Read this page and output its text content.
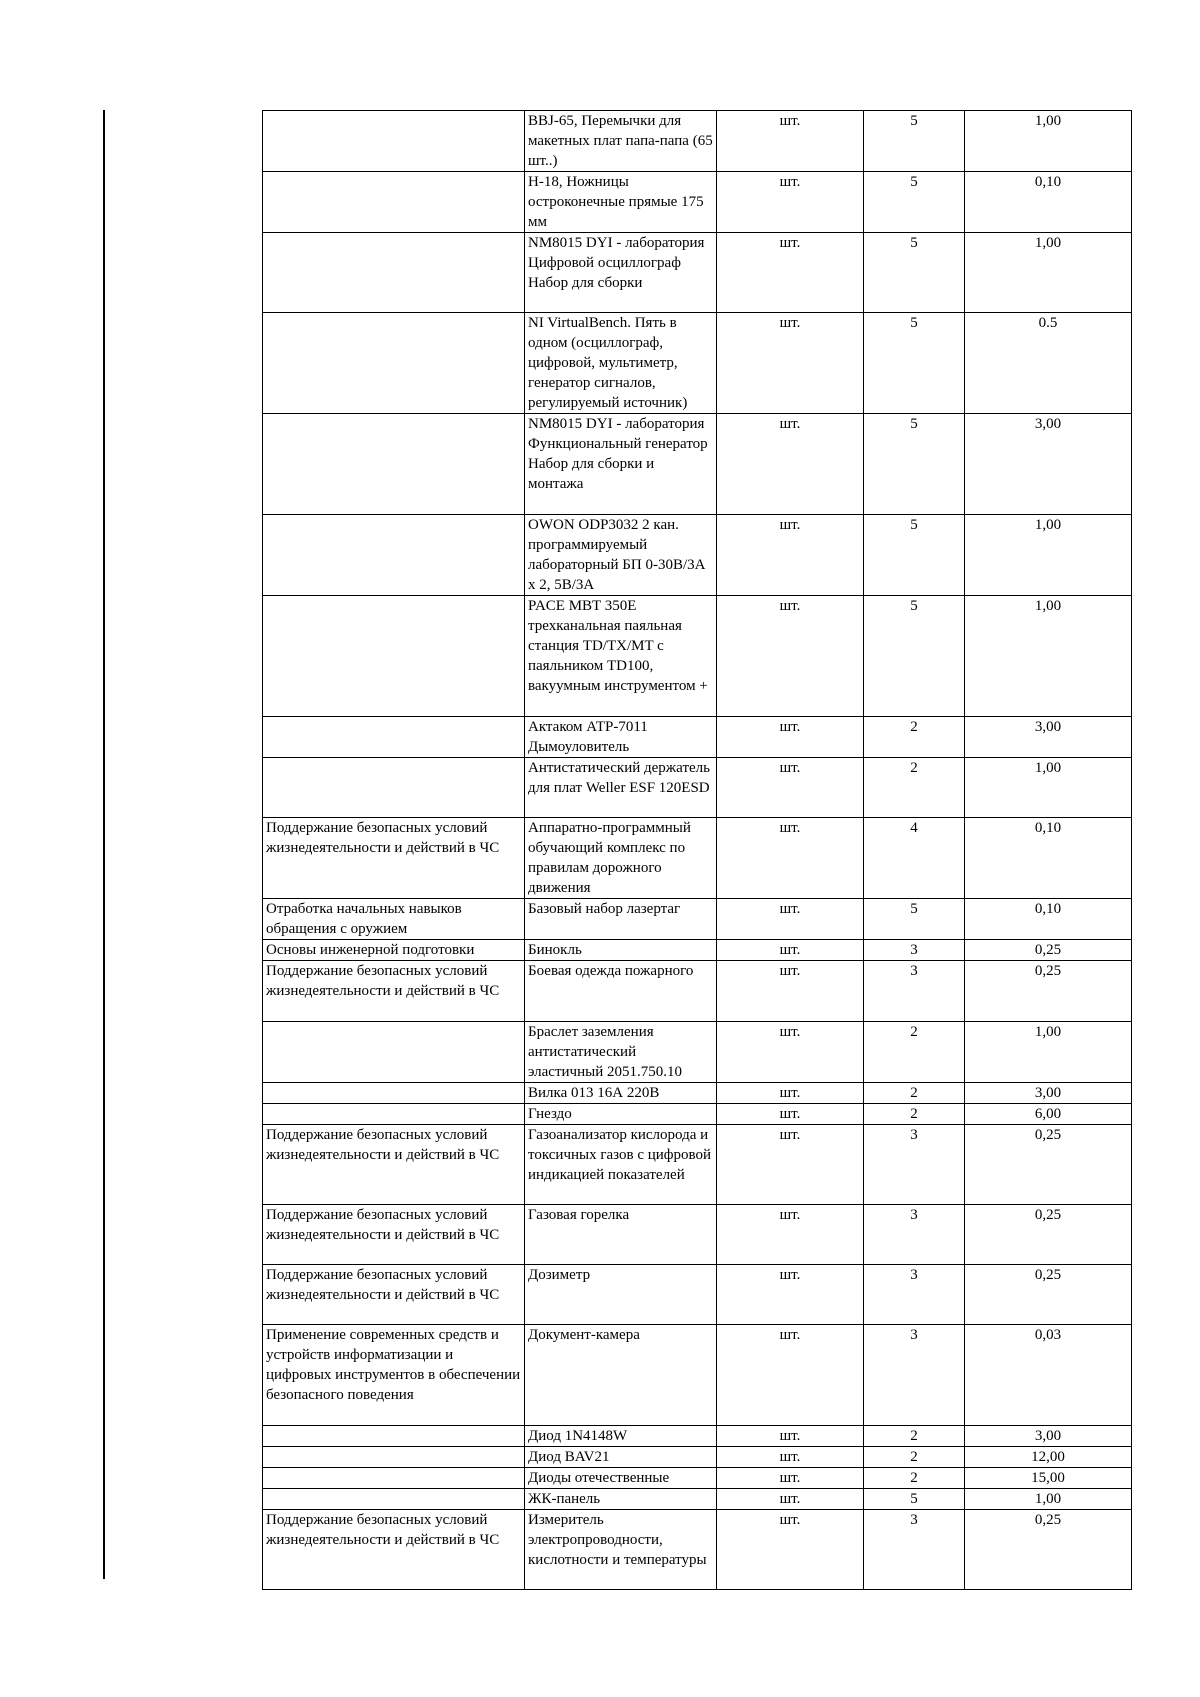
	BBJ-65, Перемычки для макетных плат папа-папа (65 шт..)	шт.	5	1,00
	H-18, Ножницы остроконечные прямые 175 мм	шт.	5	0,10
	NM8015 DYI - лаборатория Цифровой осциллограф Набор для сборки	шт.	5	1,00
	NI VirtualBench. Пять в одном (осциллограф, цифровой, мультиметр, генератор сигналов, регулируемый источник)	шт.	5	0.5
	NM8015 DYI - лаборатория Функциональный генератор Набор для сборки и монтажа	шт.	5	3,00
	OWON ODP3032 2 кан. программируемый лабораторный БП 0-30В/3А x 2, 5В/3А	шт.	5	1,00
	PACE MBT 350E трехканальная паяльная станция TD/TX/MT с паяльником TD100, вакуумным инструментом +	шт.	5	1,00
	Актаком АТР-7011 Дымоуловитель	шт.	2	3,00
	Антистатический держатель для плат Weller ESF 120ESD	шт.	2	1,00
Поддержание безопасных условий жизнедеятельности и действий в ЧС	Аппаратно-программный обучающий комплекс по правилам дорожного движения	шт.	4	0,10
Отработка начальных навыков обращения с оружием	Базовый набор лазертаг	шт.	5	0,10
Основы инженерной подготовки	Бинокль	шт.	3	0,25
Поддержание безопасных условий жизнедеятельности и действий в ЧС	Боевая одежда пожарного	шт.	3	0,25
	Браслет заземления антистатический эластичный 2051.750.10	шт.	2	1,00
	Вилка 013 16А 220В	шт.	2	3,00
	Гнездо	шт.	2	6,00
Поддержание безопасных условий жизнедеятельности и действий в ЧС	Газоанализатор кислорода и токсичных газов с цифровой индикацией показателей	шт.	3	0,25
Поддержание безопасных условий жизнедеятельности и действий в ЧС	Газовая горелка	шт.	3	0,25
Поддержание безопасных условий жизнедеятельности и действий в ЧС	Дозиметр	шт.	3	0,25
Применение современных средств и устройств информатизации и цифровых инструментов в обеспечении безопасного поведения	Документ-камера	шт.	3	0,03
	Диод 1N4148W	шт.	2	3,00
	Диод BAV21	шт.	2	12,00
	Диоды отечественные	шт.	2	15,00
	ЖК-панель	шт.	5	1,00
Поддержание безопасных условий жизнедеятельности и действий в ЧС	Измеритель электропроводности, кислотности и температуры	шт.	3	0,25
